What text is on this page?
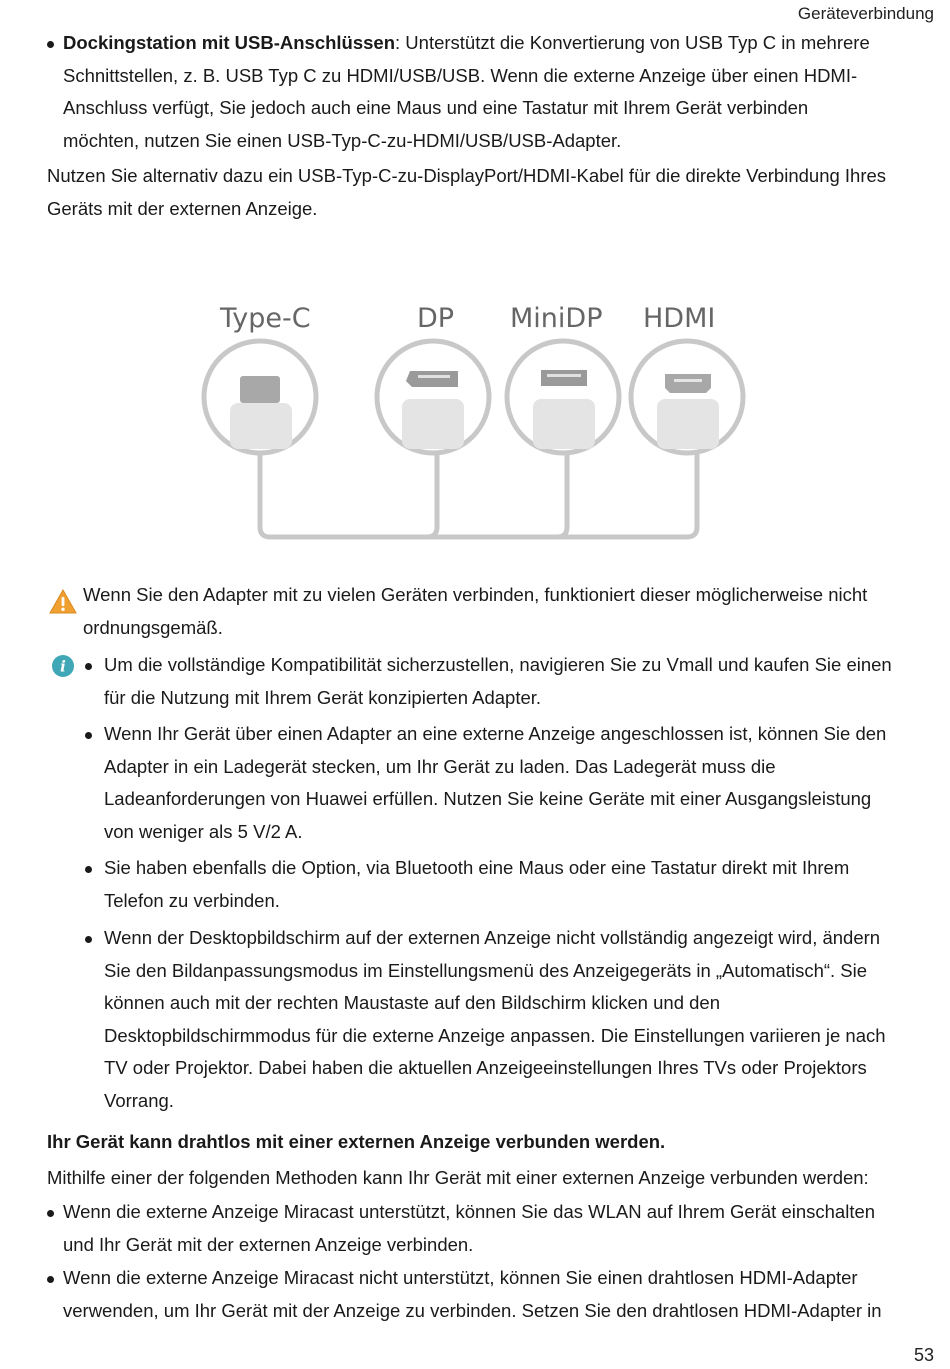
Geräteverbindung
Dockingstation mit USB-Anschlüssen: Unterstützt die Konvertierung von USB Typ C in mehrere
Schnittstellen, z. B. USB Typ C zu HDMI/USB/USB. Wenn die externe Anzeige über einen HDMI-
Anschluss verfügt, Sie jedoch auch eine Maus und eine Tastatur mit Ihrem Gerät verbinden
möchten, nutzen Sie einen USB-Typ-C-zu-HDMI/USB/USB-Adapter.
Nutzen Sie alternativ dazu ein USB-Typ-C-zu-DisplayPort/HDMI-Kabel für die direkte Verbindung Ihres
Geräts mit der externen Anzeige.
Type-C	DP MiniDP HDMI
Wenn Sie den Adapter mit zu vielen Geräten verbinden, funktioniert dieser möglicherweise nicht
ordnungsgemäß.
i Um die vollständige Kompatibilität sicherzustellen, navigieren Sie zu Vmall und kaufen Sie einen
für die Nutzung mit Ihrem Gerät konzipierten Adapter.
Wenn Ihr Gerät über einen Adapter an eine externe Anzeige angeschlossen ist, können Sie den
Adapter in ein Ladegerät stecken, um Ihr Gerät zu laden. Das Ladegerät muss die
Ladeanforderungen von Huawei erfüllen. Nutzen Sie keine Geräte mit einer Ausgangsleistung
von weniger als 5 V/2 A.
Sie haben ebenfalls die Option, via Bluetooth eine Maus oder eine Tastatur direkt mit Ihrem
Telefon zu verbinden.
Wenn der Desktopbildschirm auf der externen Anzeige nicht vollständig angezeigt wird, ändern
Sie den Bildanpassungsmodus im Einstellungsmenü des Anzeigegeräts in „Automatisch“. Sie
können auch mit der rechten Maustaste auf den Bildschirm klicken und den
Desktopbildschirmmodus für die externe Anzeige anpassen. Die Einstellungen variieren je nach
TV oder Projektor. Dabei haben die aktuellen Anzeigeeinstellungen Ihres TVs oder Projektors
Vorrang.
Ihr Gerät kann drahtlos mit einer externen Anzeige verbunden werden.
Mithilfe einer der folgenden Methoden kann Ihr Gerät mit einer externen Anzeige verbunden werden:
Wenn die externe Anzeige Miracast unterstützt, können Sie das WLAN auf Ihrem Gerät einschalten
und Ihr Gerät mit der externen Anzeige verbinden.
Wenn die externe Anzeige Miracast nicht unterstützt, können Sie einen drahtlosen HDMI-Adapter
verwenden, um Ihr Gerät mit der Anzeige zu verbinden. Setzen Sie den drahtlosen HDMI-Adapter in
53
